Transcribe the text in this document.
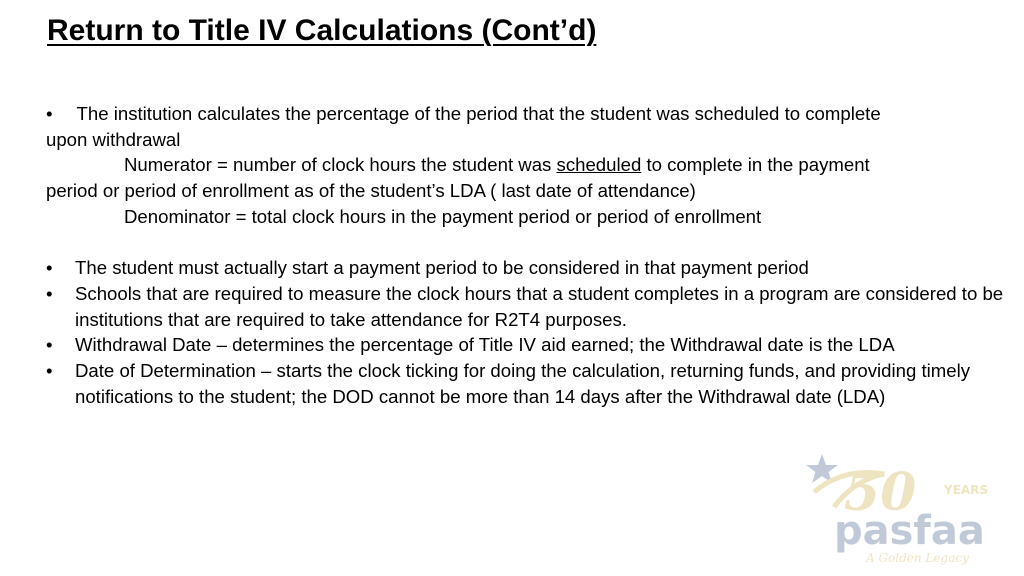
Return to Title IV Calculations (Cont’d)
• The institution calculates the percentage of the period that the student was scheduled to complete
upon withdrawal
Numerator = number of clock hours the student was scheduled to complete in the payment
period or period of enrollment as of the student’s LDA ( last date of attendance)
Denominator = total clock hours in the payment period or period of enrollment
•	The student must actually start a payment period to be considered in that payment period
•	Schools that are required to measure the clock hours that a student completes in a program are considered to be institutions that are required to take attendance for R2T4 purposes.
•	Withdrawal Date – determines the percentage of Title IV aid earned; the Withdrawal date is the LDA
•	Date of Determination – starts the clock ticking for doing the calculation, returning funds, and providing timely notifications to the student; the DOD cannot be more than 14 days after the Withdrawal date (LDA)
50 YEARS
pasfaa
A Golden Legacy
